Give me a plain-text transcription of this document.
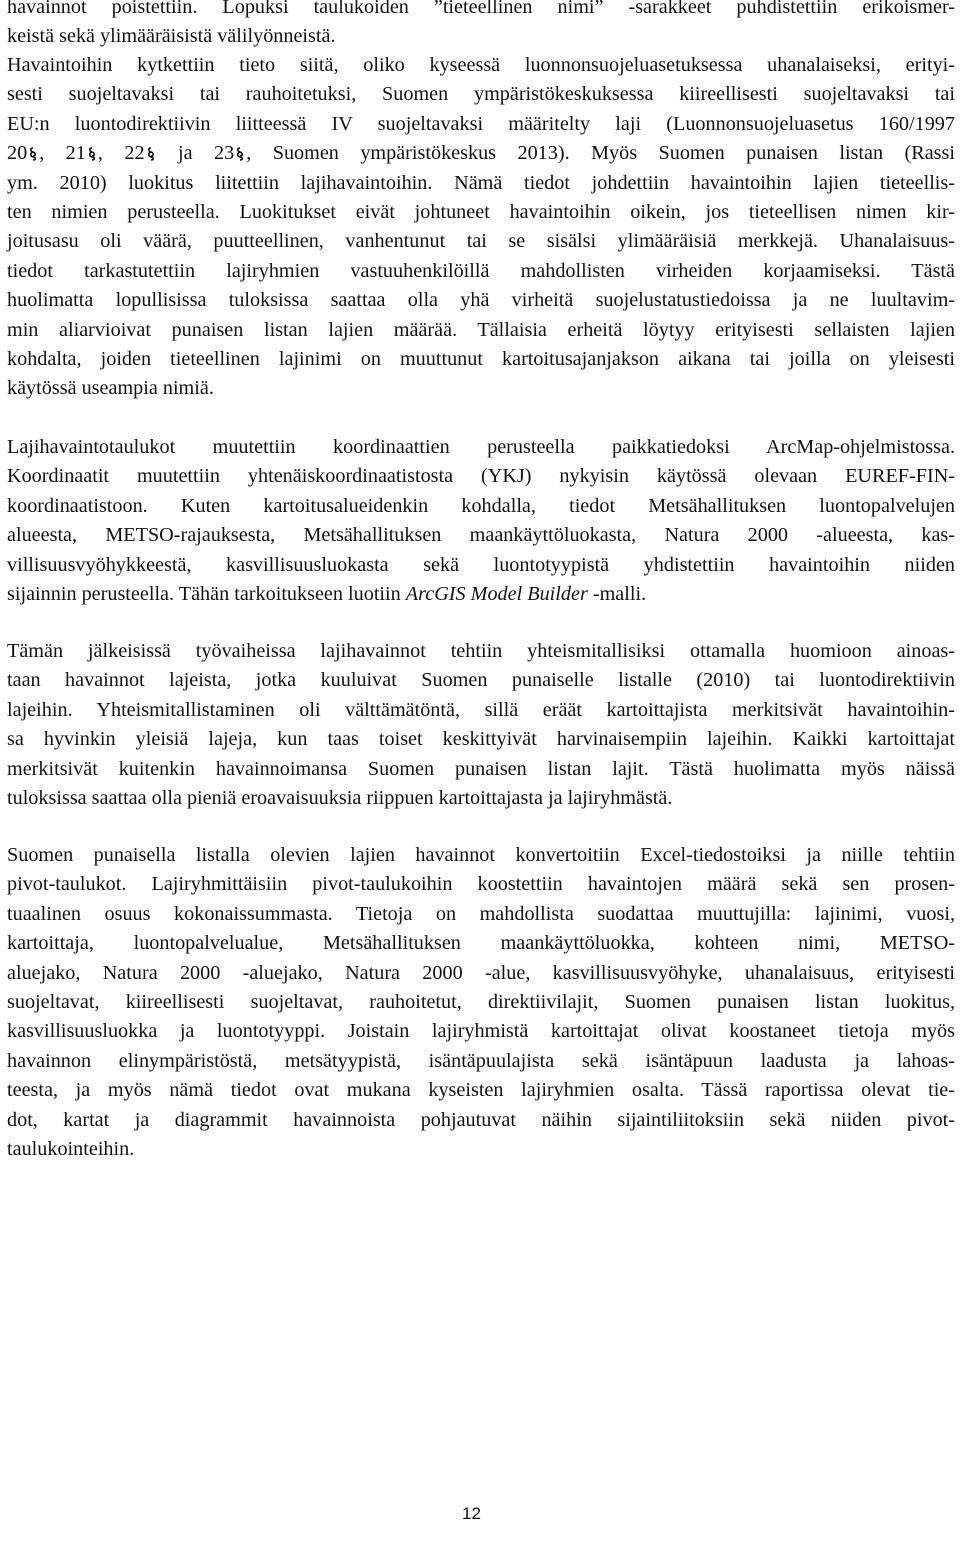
havainnot poistettiin. Lopuksi taulukoiden ”tieteellinen nimi” -sarakkeet puhdistettiin erikoismer-
keistä sekä ylimääräisistä välilyönneistä.

Havaintoihin kytkettiin tieto siitä, oliko kyseessä luonnonsuojeluasetuksessa uhanalaiseksi, erityi-
sesti suojeltavaksi tai rauhoitetuksi, Suomen ympäristökeskuksessa kiireellisesti suojeltavaksi tai
EU:n luontodirektiivin liitteessä IV suojeltavaksi määritelty laji (Luonnonsuojeluasetus 160/1997
20 , 21 , 22 ja 23 , Suomen ympäristökeskus 2013). Myös Suomen punaisen listan (Rassi
ym. 2010) luokitus liitettiin lajihavaintoihin. Nämä tiedot johdettiin havaintoihin lajien tieteellis-
ten nimien perusteella. Luokitukset eivät johtuneet havaintoihin oikein, jos tieteellisen nimen kir-
joitusasu oli väärä, puutteellinen, vanhentunut tai se sisälsi ylimääräisiä merkkejä. Uhanalaisuus-
tiedot tarkastutettiin lajiryhmien vastuuhenkilöillä mahdollisten virheiden korjaamiseksi. Tästä
huolimatta lopullisissa tuloksissa saattaa olla yhä virheitä suojelustatustiedoissa ja ne luultavim-
min aliarvioivat punaisen listan lajien määrää. Tällaisia erheitä löytyy erityisesti sellaisten lajien
kohdalta, joiden tieteellinen lajinimi on muuttunut kartoitusajanjakson aikana tai joilla on yleisesti
käytössä useampia nimiä.

Lajihavaintotaulukot muutettiin koordinaattien perusteella paikkatiedoksi ArcMap-ohjelmistossa.
Koordinaatit muutettiin yhtenäiskoordinaatistosta (YKJ) nykyisin käytössä olevaan EUREF-FIN-
koordinaatistoon. Kuten kartoitusalueidenkin kohdalla, tiedot Metsähallituksen luontopalvelujen
alueesta, METSO-rajauksesta, Metsähallituksen maankäyttöluokasta, Natura 2000 -alueesta, kas-
villisuusvyöhykkeestä, kasvillisuusluokasta sekä luontotyypistä yhdistettiin havaintoihin niiden
sijainnin perusteella. Tähän tarkoitukseen luotiin ArcGIS Model Builder -malli.

Tämän jälkeisissä työvaiheissa lajihavainnot tehtiin yhteismitallisiksi ottamalla huomioon ainoas-
taan havainnot lajeista, jotka kuuluivat Suomen punaiselle listalle (2010) tai luontodirektiivin
lajeihin. Yhteismitallistaminen oli välttämätöntä, sillä eräät kartoittajista merkitsivät havaintoihin-
sa hyvinkin yleisiä lajeja, kun taas toiset keskittyivät harvinaisempiin lajeihin. Kaikki kartoittajat
merkitsivät kuitenkin havainnoimansa Suomen punaisen listan lajit. Tästä huolimatta myös näissä
tuloksissa saattaa olla pieniä eroavaisuuksia riippuen kartoittajasta ja lajiryhmästä.

Suomen punaisella listalla olevien lajien havainnot konvertoitiin Excel-tiedostoiksi ja niille tehtiin
pivot-taulukot. Lajiryhmittäisiin pivot-taulukoihin koostettiin havaintojen määrä sekä sen prosen-
tuaalinen osuus kokonaissummasta. Tietoja on mahdollista suodattaa muuttujilla: lajinimi, vuosi,
kartoittaja, luontopalvelualue, Metsähallituksen maankäyttöluokka, kohteen nimi, METSO-
aluejako, Natura 2000 -aluejako, Natura 2000 -alue, kasvillisuusvyöhyke, uhanalaisuus, erityisesti
suojeltavat, kiireellisesti suojeltavat, rauhoitetut, direktiivilajit, Suomen punaisen listan luokitus,
kasvillisuusluokka ja luontotyyppi. Joistain lajiryhmistä kartoittajat olivat koostaneet tietoja myös
havainnon elinympäristöstä, metsätyypistä, isäntäpuulajista sekä isäntäpuun laadusta ja lahoas-
teesta, ja myös nämä tiedot ovat mukana kyseisten lajiryhmien osalta. Tässä raportissa olevat tie-
dot, kartat ja diagrammit havainnoista pohjautuvat näihin sijaintiliitoksiin sekä niiden pivot-
taulukointeihin.

12
